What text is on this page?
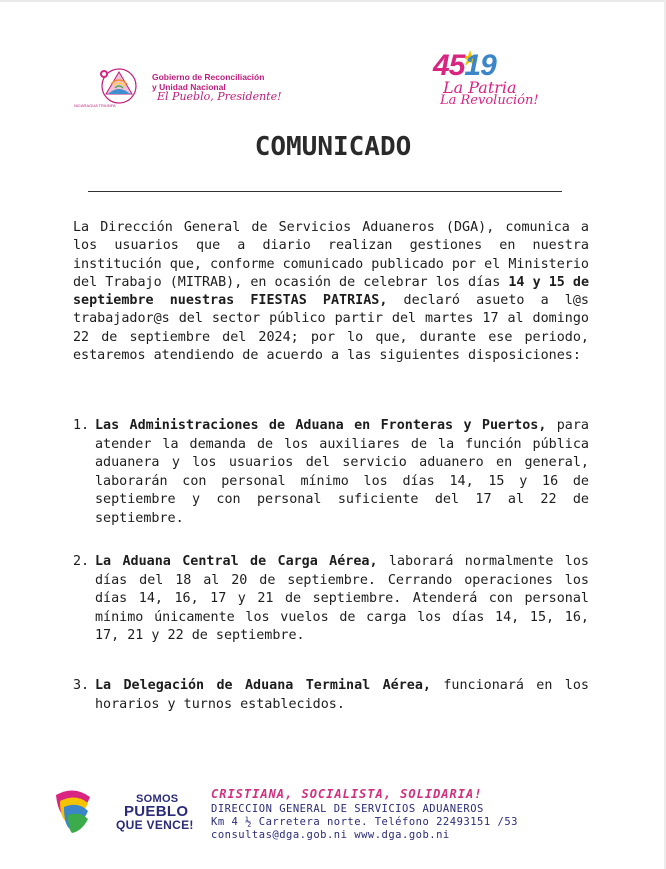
NICARAGUA TRIUNFA
Gobierno de Reconciliación
y Unidad Nacional
El Pueblo, Presidente!
4519
La Patria
La Revolución!
COMUNICADO

La Dirección General de Servicios Aduaneros (DGA), comunica a los usuarios que a diario realizan gestiones en nuestra institución que, conforme comunicado publicado por el Ministerio del Trabajo (MITRAB), en ocasión de celebrar los días 14 y 15 de septiembre nuestras FIESTAS PATRIAS, declaró asueto a l@s trabajador@s del sector público partir del martes 17 al domingo 22 de septiembre del 2024; por lo que, durante ese periodo, estaremos atendiendo de acuerdo a las siguientes disposiciones:

1. Las Administraciones de Aduana en Fronteras y Puertos, para atender la demanda de los auxiliares de la función pública aduanera y los usuarios del servicio aduanero en general, laborarán con personal mínimo los días 14, 15 y 16 de septiembre y con personal suficiente del 17 al 22 de septiembre.
2. La Aduana Central de Carga Aérea, laborará normalmente los días del 18 al 20 de septiembre. Cerrando operaciones los días 14, 16, 17 y 21 de septiembre. Atenderá con personal mínimo únicamente los vuelos de carga los días 14, 15, 16, 17, 21 y 22 de septiembre.
3. La Delegación de Aduana Terminal Aérea, funcionará en los horarios y turnos establecidos.
SOMOS
PUEBLO
QUE VENCE!
CRISTIANA, SOCIALISTA, SOLIDARIA!
DIRECCION GENERAL DE SERVICIOS ADUANEROS
Km 4 ½ Carretera norte. Teléfono 22493151 /53
consultas@dga.gob.ni www.dga.gob.ni
